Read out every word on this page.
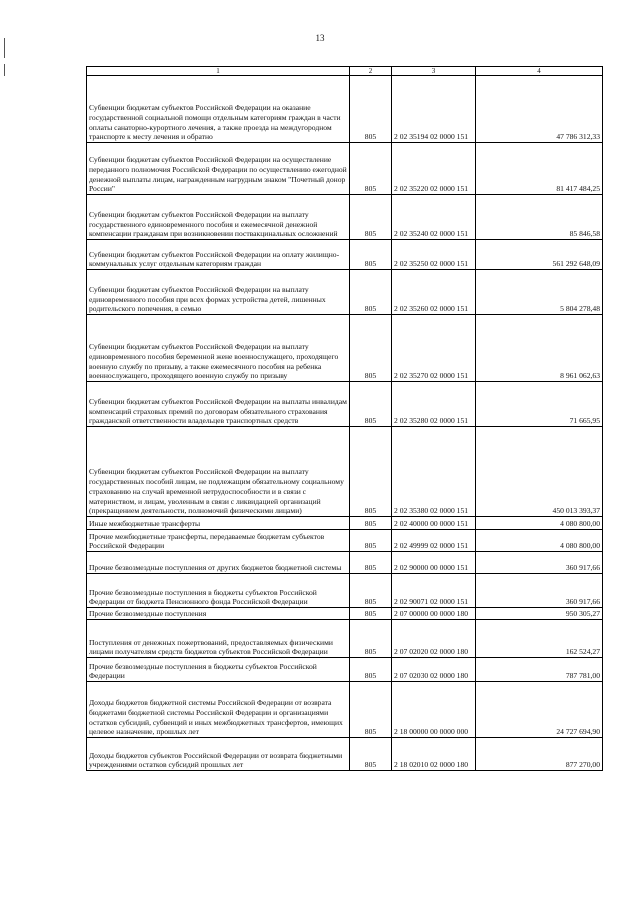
13
1	2	3	4
Субвенции бюджетам субъектов Российской Федерации на оказание государственной социальной помощи отдельным категориям граждан в части оплаты санаторно-курортного лечения, а также проезда на междугородном транспорте к месту лечения и обратно	805	2 02 35194 02 0000 151	47 786 312,33
Субвенции бюджетам субъектов Российской Федерации на осуществление переданного полномочия Российской Федерации по осуществлению ежегодной денежной выплаты лицам, награжденным нагрудным знаком "Почетный донор России"	805	2 02 35220 02 0000 151	81 417 484,25
Субвенции бюджетам субъектов Российской Федерации на выплату государственного единовременного пособия и ежемесячной денежной компенсации гражданам при возникновении поствакцинальных осложнений	805	2 02 35240 02 0000 151	85 846,58
Субвенции бюджетам субъектов Российской Федерации на оплату жилищно-коммунальных услуг отдельным категориям граждан	805	2 02 35250 02 0000 151	561 292 648,09
Субвенции бюджетам субъектов Российской Федерации на выплату единовременного пособия при всех формах устройства детей, лишенных родительского попечения, в семью	805	2 02 35260 02 0000 151	5 804 278,48
Субвенции бюджетам субъектов Российской Федерации на выплату единовременного пособия беременной жене военнослужащего, проходящего военную службу по призыву, а также ежемесячного пособия на ребенка военнослужащего, проходящего военную службу по призыву	805	2 02 35270 02 0000 151	8 961 062,63
Субвенции бюджетам субъектов Российской Федерации на выплаты инвалидам компенсаций страховых премий по договорам обязательного страхования гражданской ответственности владельцев транспортных средств	805	2 02 35280 02 0000 151	71 665,95
Субвенции бюджетам субъектов Российской Федерации на выплату государственных пособий лицам, не подлежащим обязательному социальному страхованию на случай временной нетрудоспособности и в связи с материнством, и лицам, уволенным в связи с ликвидацией организаций (прекращением деятельности, полномочий физическими лицами)	805	2 02 35380 02 0000 151	450 013 393,37
Иные межбюджетные трансферты	805	2 02 40000 00 0000 151	4 080 800,00
Прочие межбюджетные трансферты, передаваемые бюджетам субъектов Российской Федерации	805	2 02 49999 02 0000 151	4 080 800,00
Прочие безвозмездные поступления от других бюджетов бюджетной системы	805	2 02 90000 00 0000 151	360 917,66
Прочие безвозмездные поступления в бюджеты субъектов Российской Федерации от бюджета Пенсионного фонда Российской Федерации	805	2 02 90071 02 0000 151	360 917,66
Прочие безвозмездные поступления	805	2 07 00000 00 0000 180	950 305,27
Поступления от денежных пожертвований, предоставляемых физическими лицами получателям средств бюджетов субъектов Российской Федерации	805	2 07 02020 02 0000 180	162 524,27
Прочие безвозмездные поступления в бюджеты субъектов Российской Федерации	805	2 07 02030 02 0000 180	787 781,00
Доходы бюджетов бюджетной системы Российской Федерации от возврата бюджетами бюджетной системы Российской Федерации и организациями остатков субсидий, субвенций и иных межбюджетных трансфертов, имеющих целевое назначение, прошлых лет	805	2 18 00000 00 0000 000	24 727 694,90
Доходы бюджетов субъектов Российской Федерации от возврата бюджетными учреждениями остатков субсидий прошлых лет	805	2 18 02010 02 0000 180	877 270,00
